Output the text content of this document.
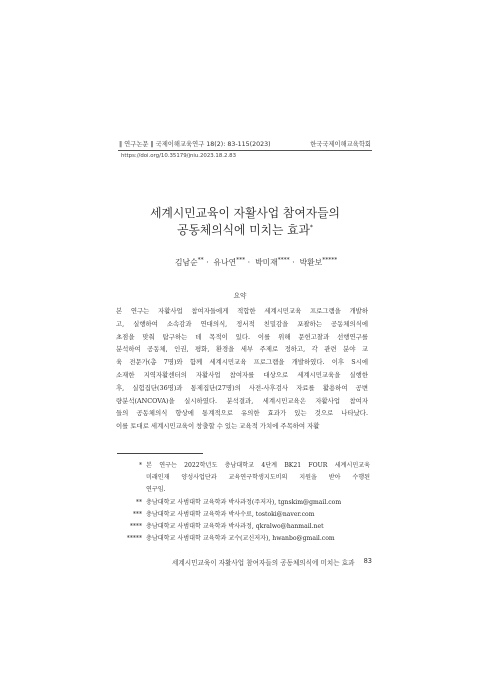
‖ 연구논문 ‖ 국제이해교육연구 18(2): 83-115(2023)	한국국제이해교육학회
https://doi.org/10.35179/jniu.2023.18.2.83
세계시민교육이 자활사업 참여자들의
공동체의식에 미치는 효과*
김남순** ·  유나연*** ·  박미재**** ·  박환보*****
요약
본 연구는 자활사업 참여자들에게 적합한 세계시민교육 프로그램을 개발하
고, 실행하여 소속감과 연대의식, 정서적 친밀감을 포괄하는 공동체의식에
초점을 맞춰 탐구하는 데 목적이 있다. 이를 위해 문헌고찰과 선행연구를
분석하여 공동체, 인권, 평화, 환경을 세부 주제로 정하고, 각 관련 분야 교
육 전문가(총 7명)와 함께 세계시민교육 프로그램을 개발하였다. 이후 S시에
소재한 지역자활센터의 자활사업 참여자를 대상으로 세계시민교육을 실행한
후, 실험집단(36명)과 통제집단(27명)의 사전-사후검사 자료를 활용하여 공변
량분석(ANCOVA)을 실시하였다. 분석결과, 세계시민교육은 자활사업 참여자
들의 공동체의식 향상에 통계적으로 유의한 효과가 있는 것으로 나타났다.
이를 토대로 세계시민교육이 창출할 수 있는 교육적 가치에 주목하여 자활
* 본 연구는 2022학년도 충남대학교 4단계 BK21 FOUR 세계시민교육
미래인재 양성사업단과 교육연구학생지도비의 지원을 받아 수행된
연구임.
** 충남대학교 사범대학 교육학과 박사과정(주저자), tgnskim@gmail.com
*** 충남대학교 사범대학 교육학과 박사수료, tostoki@naver.com
**** 충남대학교 사범대학 교육학과 박사과정, qkralwo@hanmail.net
***** 충남대학교 사범대학 교육학과 교수(교신저자), hwanbo@gmail.com
세계시민교육이 자활사업 참여자들의 공동체의식에 미치는 효과 83
